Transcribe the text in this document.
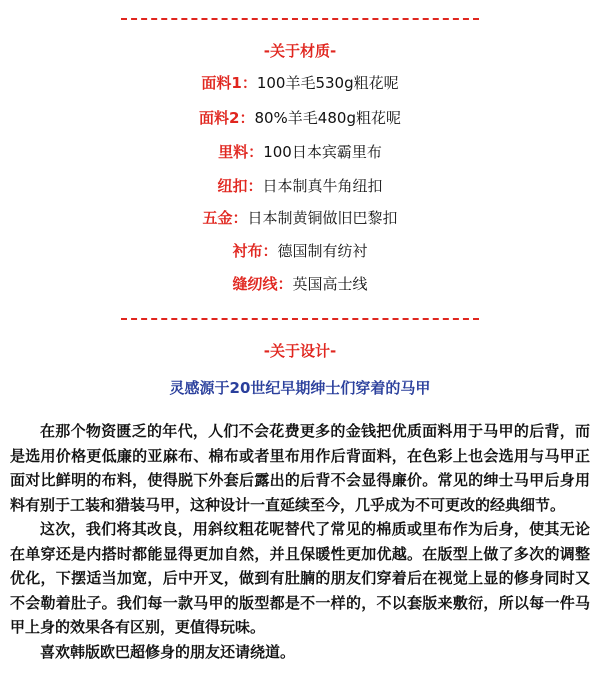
-关于材质-
面料1：100羊毛530g粗花呢
面料2：80%羊毛480g粗花呢
里料：100日本宾霸里布
纽扣：日本制真牛角纽扣
五金：日本制黄铜做旧巴黎扣
衬布：德国制有纺衬
缝纫线：英国高士线
-关于设计-
灵感源于20世纪早期绅士们穿着的马甲

在那个物资匮乏的年代，人们不会花费更多的金钱把优质面料用于马甲的后背，而是选用价格更低廉的亚麻布、棉布或者里布用作后背面料，在色彩上也会选用与马甲正面对比鲜明的布料，使得脱下外套后露出的后背不会显得廉价。常见的绅士马甲后身用料有别于工装和猎装马甲，这种设计一直延续至今，几乎成为不可更改的经典细节。

这次，我们将其改良，用斜纹粗花呢替代了常见的棉质或里布作为后身，使其无论在单穿还是内搭时都能显得更加自然，并且保暖性更加优越。在版型上做了多次的调整优化，下摆适当加宽，后中开叉，做到有肚腩的朋友们穿着后在视觉上显的修身同时又不会勒着肚子。我们每一款马甲的版型都是不一样的，不以套版来敷衍，所以每一件马甲上身的效果各有区别，更值得玩味。

喜欢韩版欧巴超修身的朋友还请绕道。
